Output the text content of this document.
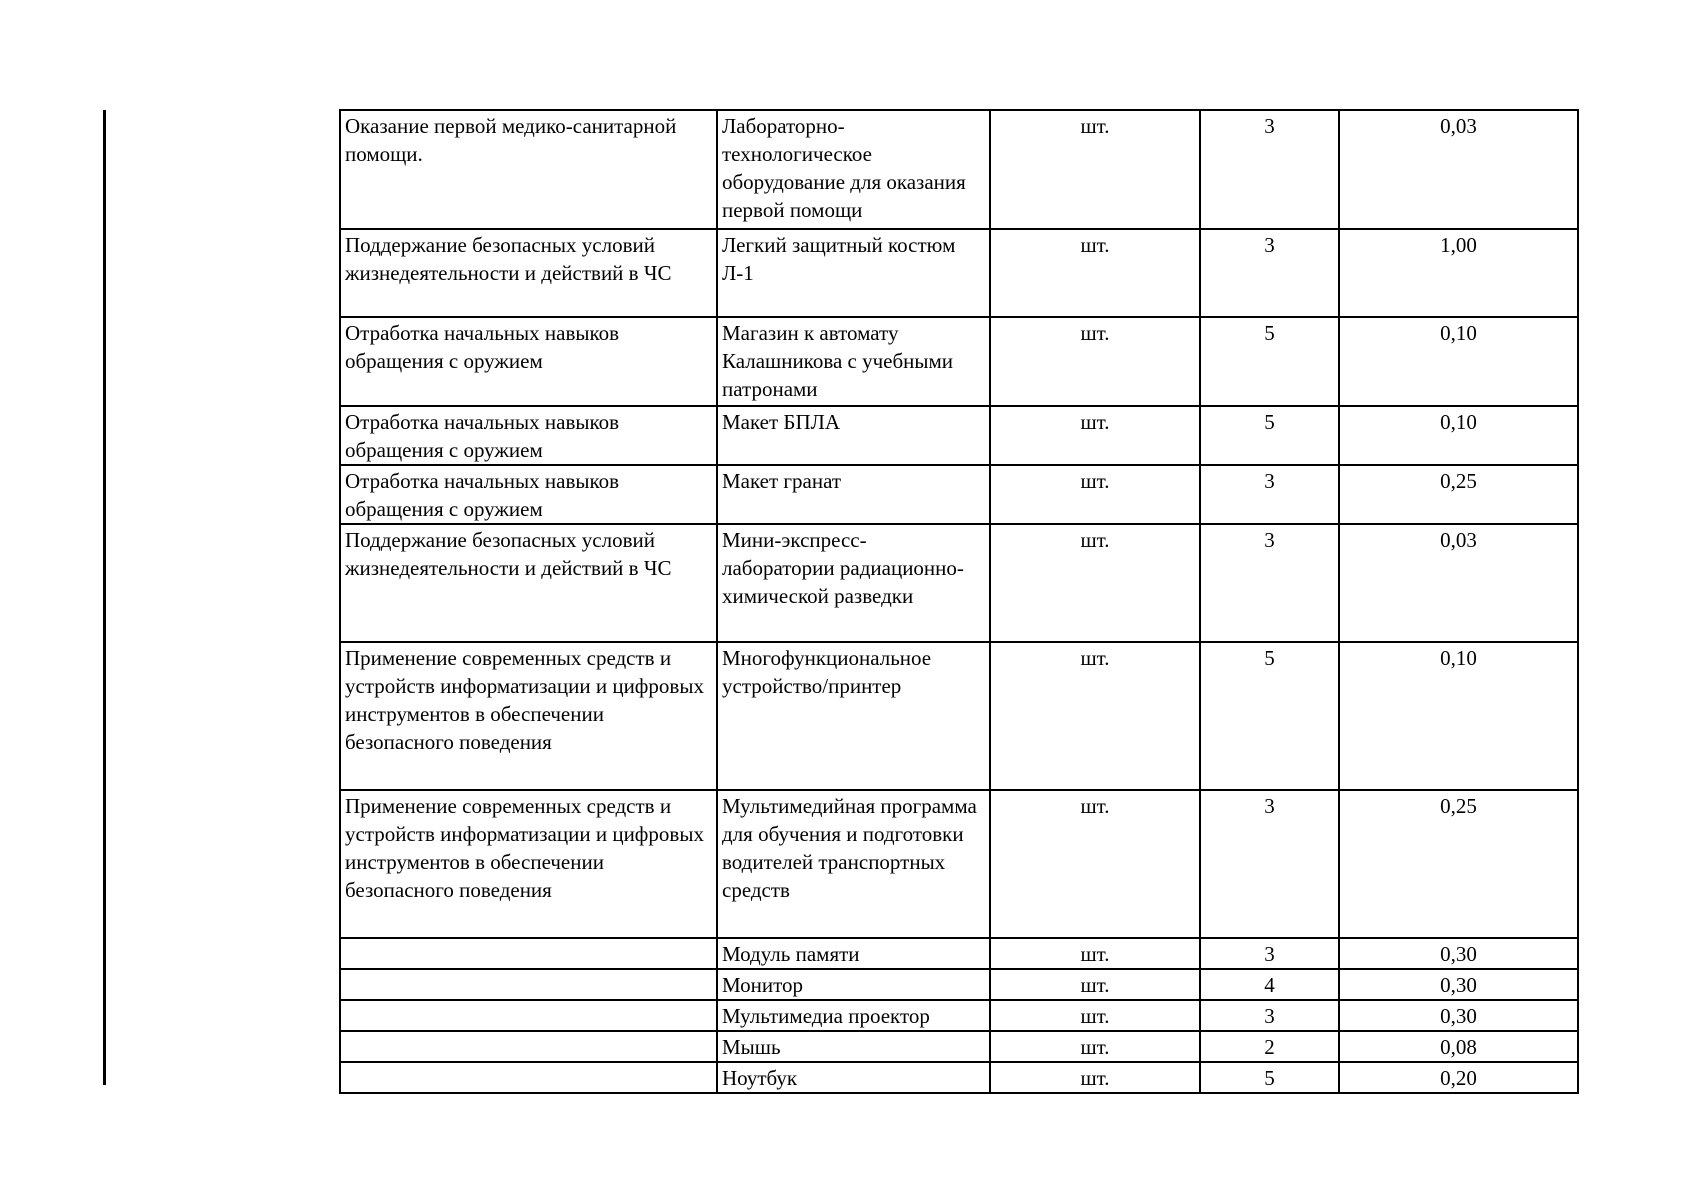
Оказание первой медико-санитарной помощи.	Лабораторно-
технологическое
оборудование для оказания первой помощи	шт.	3	0,03
Поддержание безопасных условий жизнедеятельности и действий в ЧС	Легкий защитный костюм Л-1	шт.	3	1,00
Отработка начальных навыков обращения с оружием	Магазин к автомату Калашникова с учебными патронами	шт.	5	0,10
Отработка начальных навыков обращения с оружием	Макет БПЛА	шт.	5	0,10
Отработка начальных навыков обращения с оружием	Макет гранат	шт.	3	0,25
Поддержание безопасных условий жизнедеятельности и действий в ЧС	Мини-экспресс-
лаборатории радиационно-
химической разведки	шт.	3	0,03
Применение современных средств и устройств информатизации и цифровых инструментов в обеспечении безопасного поведения	Многофункциональное устройство/принтер	шт.	5	0,10
Применение современных средств и устройств информатизации и цифровых инструментов в обеспечении безопасного поведения	Мультимедийная программа для обучения и подготовки водителей транспортных средств	шт.	3	0,25
	Модуль памяти	шт.	3	0,30
	Монитор	шт.	4	0,30
	Мультимедиа проектор	шт.	3	0,30
	Мышь	шт.	2	0,08
	Ноутбук	шт.	5	0,20
